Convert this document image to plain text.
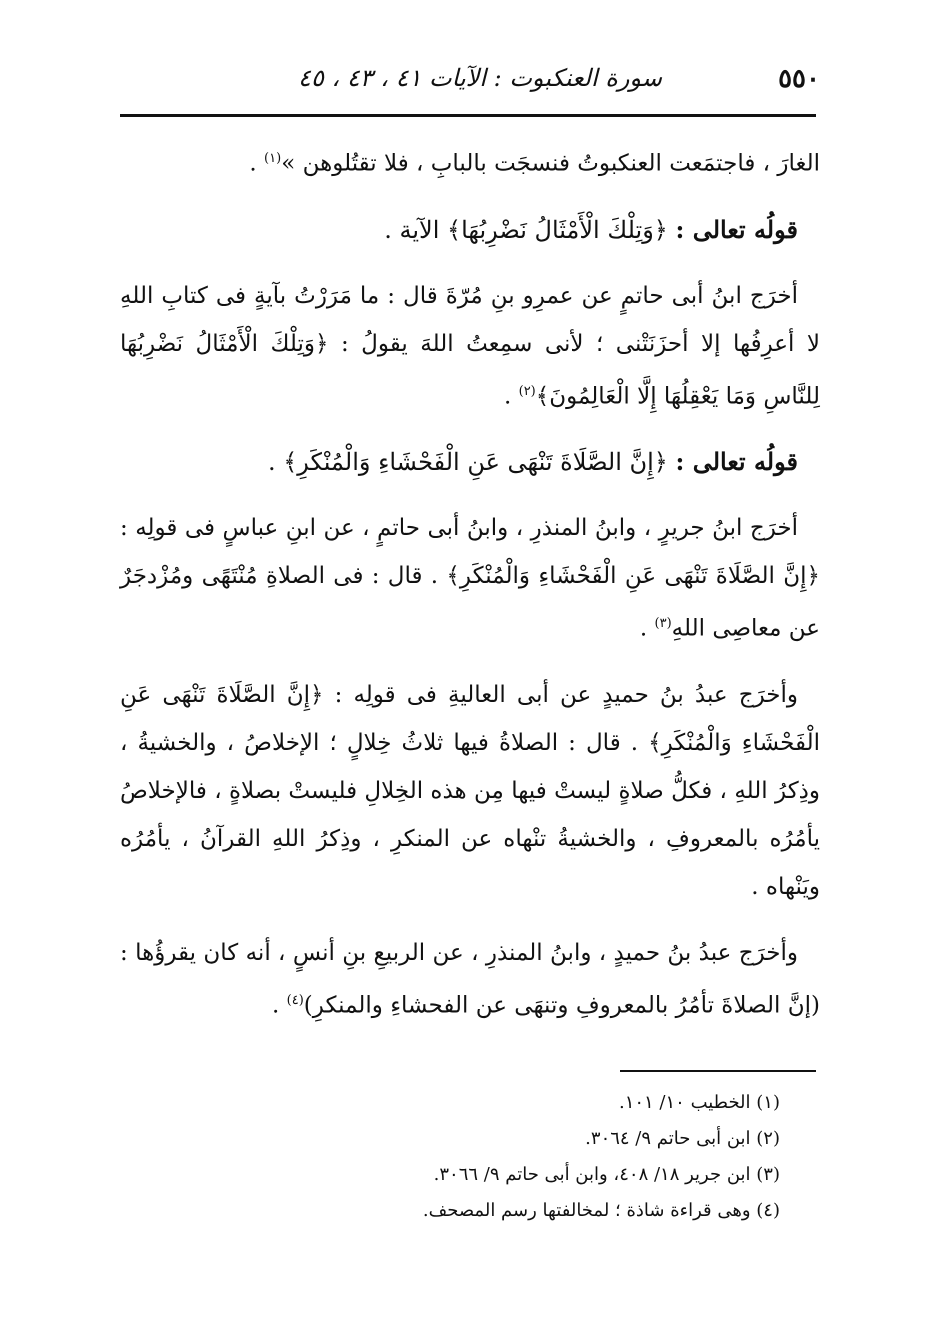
٥٥٠
سورة العنكبوت : الآيات ٤١ ، ٤٣ ، ٤٥

الغارَ ، فاجتمَعت العنكبوتُ فنسجَت بالبابِ ، فلا تقتُلوهن »$^{(١)}$ .

قولُه تعالى : ﴿وَتِلْكَ الْأَمْثَالُ نَضْرِبُهَا﴾ الآية .

أخرَج ابنُ أبى حاتمٍ عن عمرِو بنِ مُرّةَ قال : ما مَرَرْتُ بآيةٍ فى كتابِ اللهِ لا أعرِفُها إلا أحزَنَتْنى ؛ لأنى سمِعتُ اللهَ يقولُ : ﴿وَتِلْكَ الْأَمْثَالُ نَضْرِبُهَا لِلنَّاسِ وَمَا يَعْقِلُهَا إِلَّا الْعَالِمُونَ﴾$^{(٢)}$ .

قولُه تعالى : ﴿إِنَّ الصَّلَاةَ تَنْهَى عَنِ الْفَحْشَاءِ وَالْمُنْكَرِ﴾ .

أخرَج ابنُ جريرٍ ، وابنُ المنذرِ ، وابنُ أبى حاتمٍ ، عن ابنِ عباسٍ فى قولِه : ﴿إِنَّ الصَّلَاةَ تَنْهَى عَنِ الْفَحْشَاءِ وَالْمُنْكَرِ﴾ . قال : فى الصلاةِ مُنْتَهًى ومُزْدجَرٌ عن معاصِى اللهِ$^{(٣)}$ .

وأخرَج عبدُ بنُ حميدٍ عن أبى العاليةِ فى قولِه : ﴿إِنَّ الصَّلَاةَ تَنْهَى عَنِ الْفَحْشَاءِ وَالْمُنْكَرِ﴾ . قال : الصلاةُ فيها ثلاثُ خِلالٍ ؛ الإخلاصُ ، والخشيةُ ، وذِكرُ اللهِ ، فكلُّ صلاةٍ ليستْ فيها مِن هذه الخِلالِ فليستْ بصلاةٍ ، فالإخلاصُ يأمُرُه بالمعروفِ ، والخشيةُ تنْهاه عن المنكرِ ، وذِكرُ اللهِ القرآنُ ، يأمُرُه ويَنْهاه .

وأخرَج عبدُ بنُ حميدٍ ، وابنُ المنذرِ ، عن الربيعِ بنِ أنسٍ ، أنه كان يقرؤُها : (إنَّ الصلاةَ تأمُرُ بالمعروفِ وتنهَى عن الفحشاءِ والمنكرِ)$^{(٤)}$ .

(١) الخطيب ١٠/ ١٠١.

(٢) ابن أبى حاتم ٩/ ٣٠٦٤.

(٣) ابن جرير ١٨/ ٤٠٨، وابن أبى حاتم ٩/ ٣٠٦٦.

(٤) وهى قراءة شاذة ؛ لمخالفتها رسم المصحف.
